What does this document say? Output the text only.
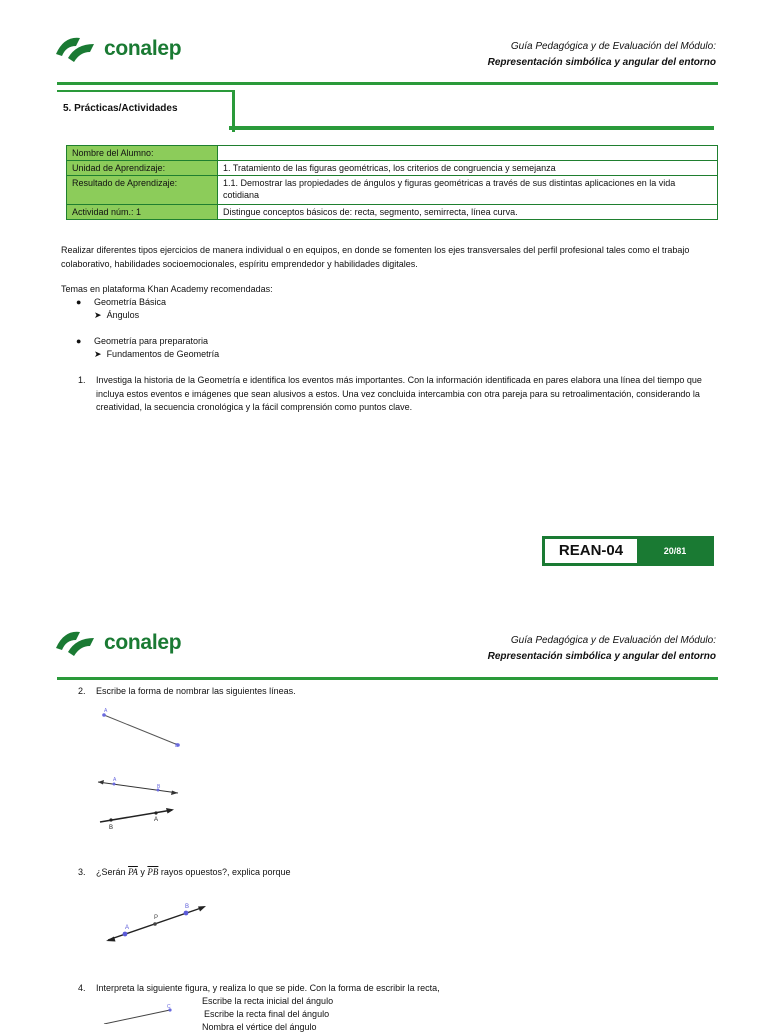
conalep	Guía Pedagógica y de Evaluación del Módulo:
Representación simbólica y angular del entorno
5. Prácticas/Actividades
Nombre del Alumno:	
Unidad de Aprendizaje:	1. Tratamiento de las figuras geométricas, los criterios de congruencia y semejanza
Resultado de Aprendizaje:	1.1. Demostrar las propiedades de ángulos y figuras geométricas a través de sus distintas aplicaciones en la vida cotidiana
Actividad núm.: 1	Distingue conceptos básicos de: recta, segmento, semirrecta, línea curva.

Realizar diferentes tipos ejercicios de manera individual o en equipos, en donde se fomenten los ejes transversales del perfil profesional tales como el trabajo colaborativo, habilidades socioemocionales, espíritu emprendedor y habilidades digitales.

Temas en plataforma Khan Academy recomendadas:
● Geometría Básica
➤ Ángulos
● Geometría para preparatoria
➤ Fundamentos de Geometría
1.	Investiga la historia de la Geometría e identifica los eventos más importantes. Con la información identificada en pares elabora una línea del tiempo que incluya estos eventos e imágenes que sean alusivos a estos. Una vez concluida intercambia con otra pareja para su retroalimentación, considerando la creatividad, la secuencia cronológica y la fácil comprensión como puntos clave.

REAN-04	20/81
conalep	Guía Pedagógica y de Evaluación del Módulo:
Representación simbólica y angular del entorno
2.	Escribe la forma de nombrar las siguientes líneas.
A
B
A
B
B
A
3.	¿Serán
$\overline{PA}$
y
$\overline{PB}$
rayos opuestos?, explica porque
A
P
B
4.	Interpreta la siguiente figura, y realiza lo que se pide. Con la forma de escribir la recta,
Escribe la recta inicial del ángulo
Escribe la recta final del ángulo
Nombra el vértice del ángulo
C
